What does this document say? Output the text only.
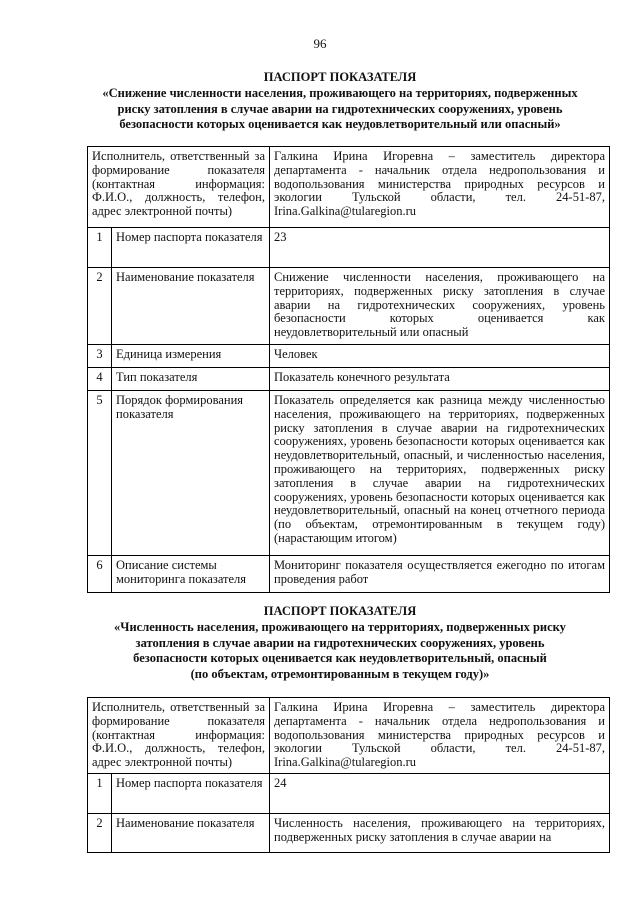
96
ПАСПОРТ ПОКАЗАТЕЛЯ
«Снижение численности населения, проживающего на территориях, подверженных
риску затопления в случае аварии на гидротехнических сооружениях, уровень
безопасности которых оценивается как неудовлетворительный или опасный»
Исполнитель, ответственный за формирование показателя (контактная информация: Ф.И.О., должность, телефон, адрес электронной почты)		Галкина Ирина Игоревна – заместитель директора департамента - начальник отдела недропользования и водопользования министерства природных ресурсов и экологии Тульской области, тел. 24-51-87, Irina.Galkina@tularegion.ru
1	Номер паспорта показателя	23
2	Наименование показателя	Снижение численности населения, проживающего на территориях, подверженных риску затопления в случае аварии на гидротехнических сооружениях, уровень безопасности которых оценивается как неудовлетворительный или опасный
3	Единица измерения	Человек
4	Тип показателя	Показатель конечного результата
5	Порядок формирования показателя	Показатель определяется как разница между численностью населения, проживающего на территориях, подверженных риску затопления в случае аварии на гидротехнических сооружениях, уровень безопасности которых оценивается как неудовлетворительный, опасный, и численностью населения, проживающего на территориях, подверженных риску затопления в случае аварии на гидротехнических сооружениях, уровень безопасности которых оценивается как неудовлетворительный, опасный на конец отчетного периода (по объектам, отремонтированным в текущем году) (нарастающим итогом)
6	Описание системы мониторинга показателя	Мониторинг показателя осуществляется ежегодно по итогам проведения работ
ПАСПОРТ ПОКАЗАТЕЛЯ
«Численность населения, проживающего на территориях, подверженных риску
затопления в случае аварии на гидротехнических сооружениях, уровень
безопасности которых оценивается как неудовлетворительный, опасный
(по объектам, отремонтированным в текущем году)»
Исполнитель, ответственный за формирование показателя (контактная информация: Ф.И.О., должность, телефон, адрес электронной почты)		Галкина Ирина Игоревна – заместитель директора департамента - начальник отдела недропользования и водопользования министерства природных ресурсов и экологии Тульской области, тел. 24-51-87, Irina.Galkina@tularegion.ru
1	Номер паспорта показателя	24
2	Наименование показателя	Численность населения, проживающего на территориях, подверженных риску затопления в случае аварии на
